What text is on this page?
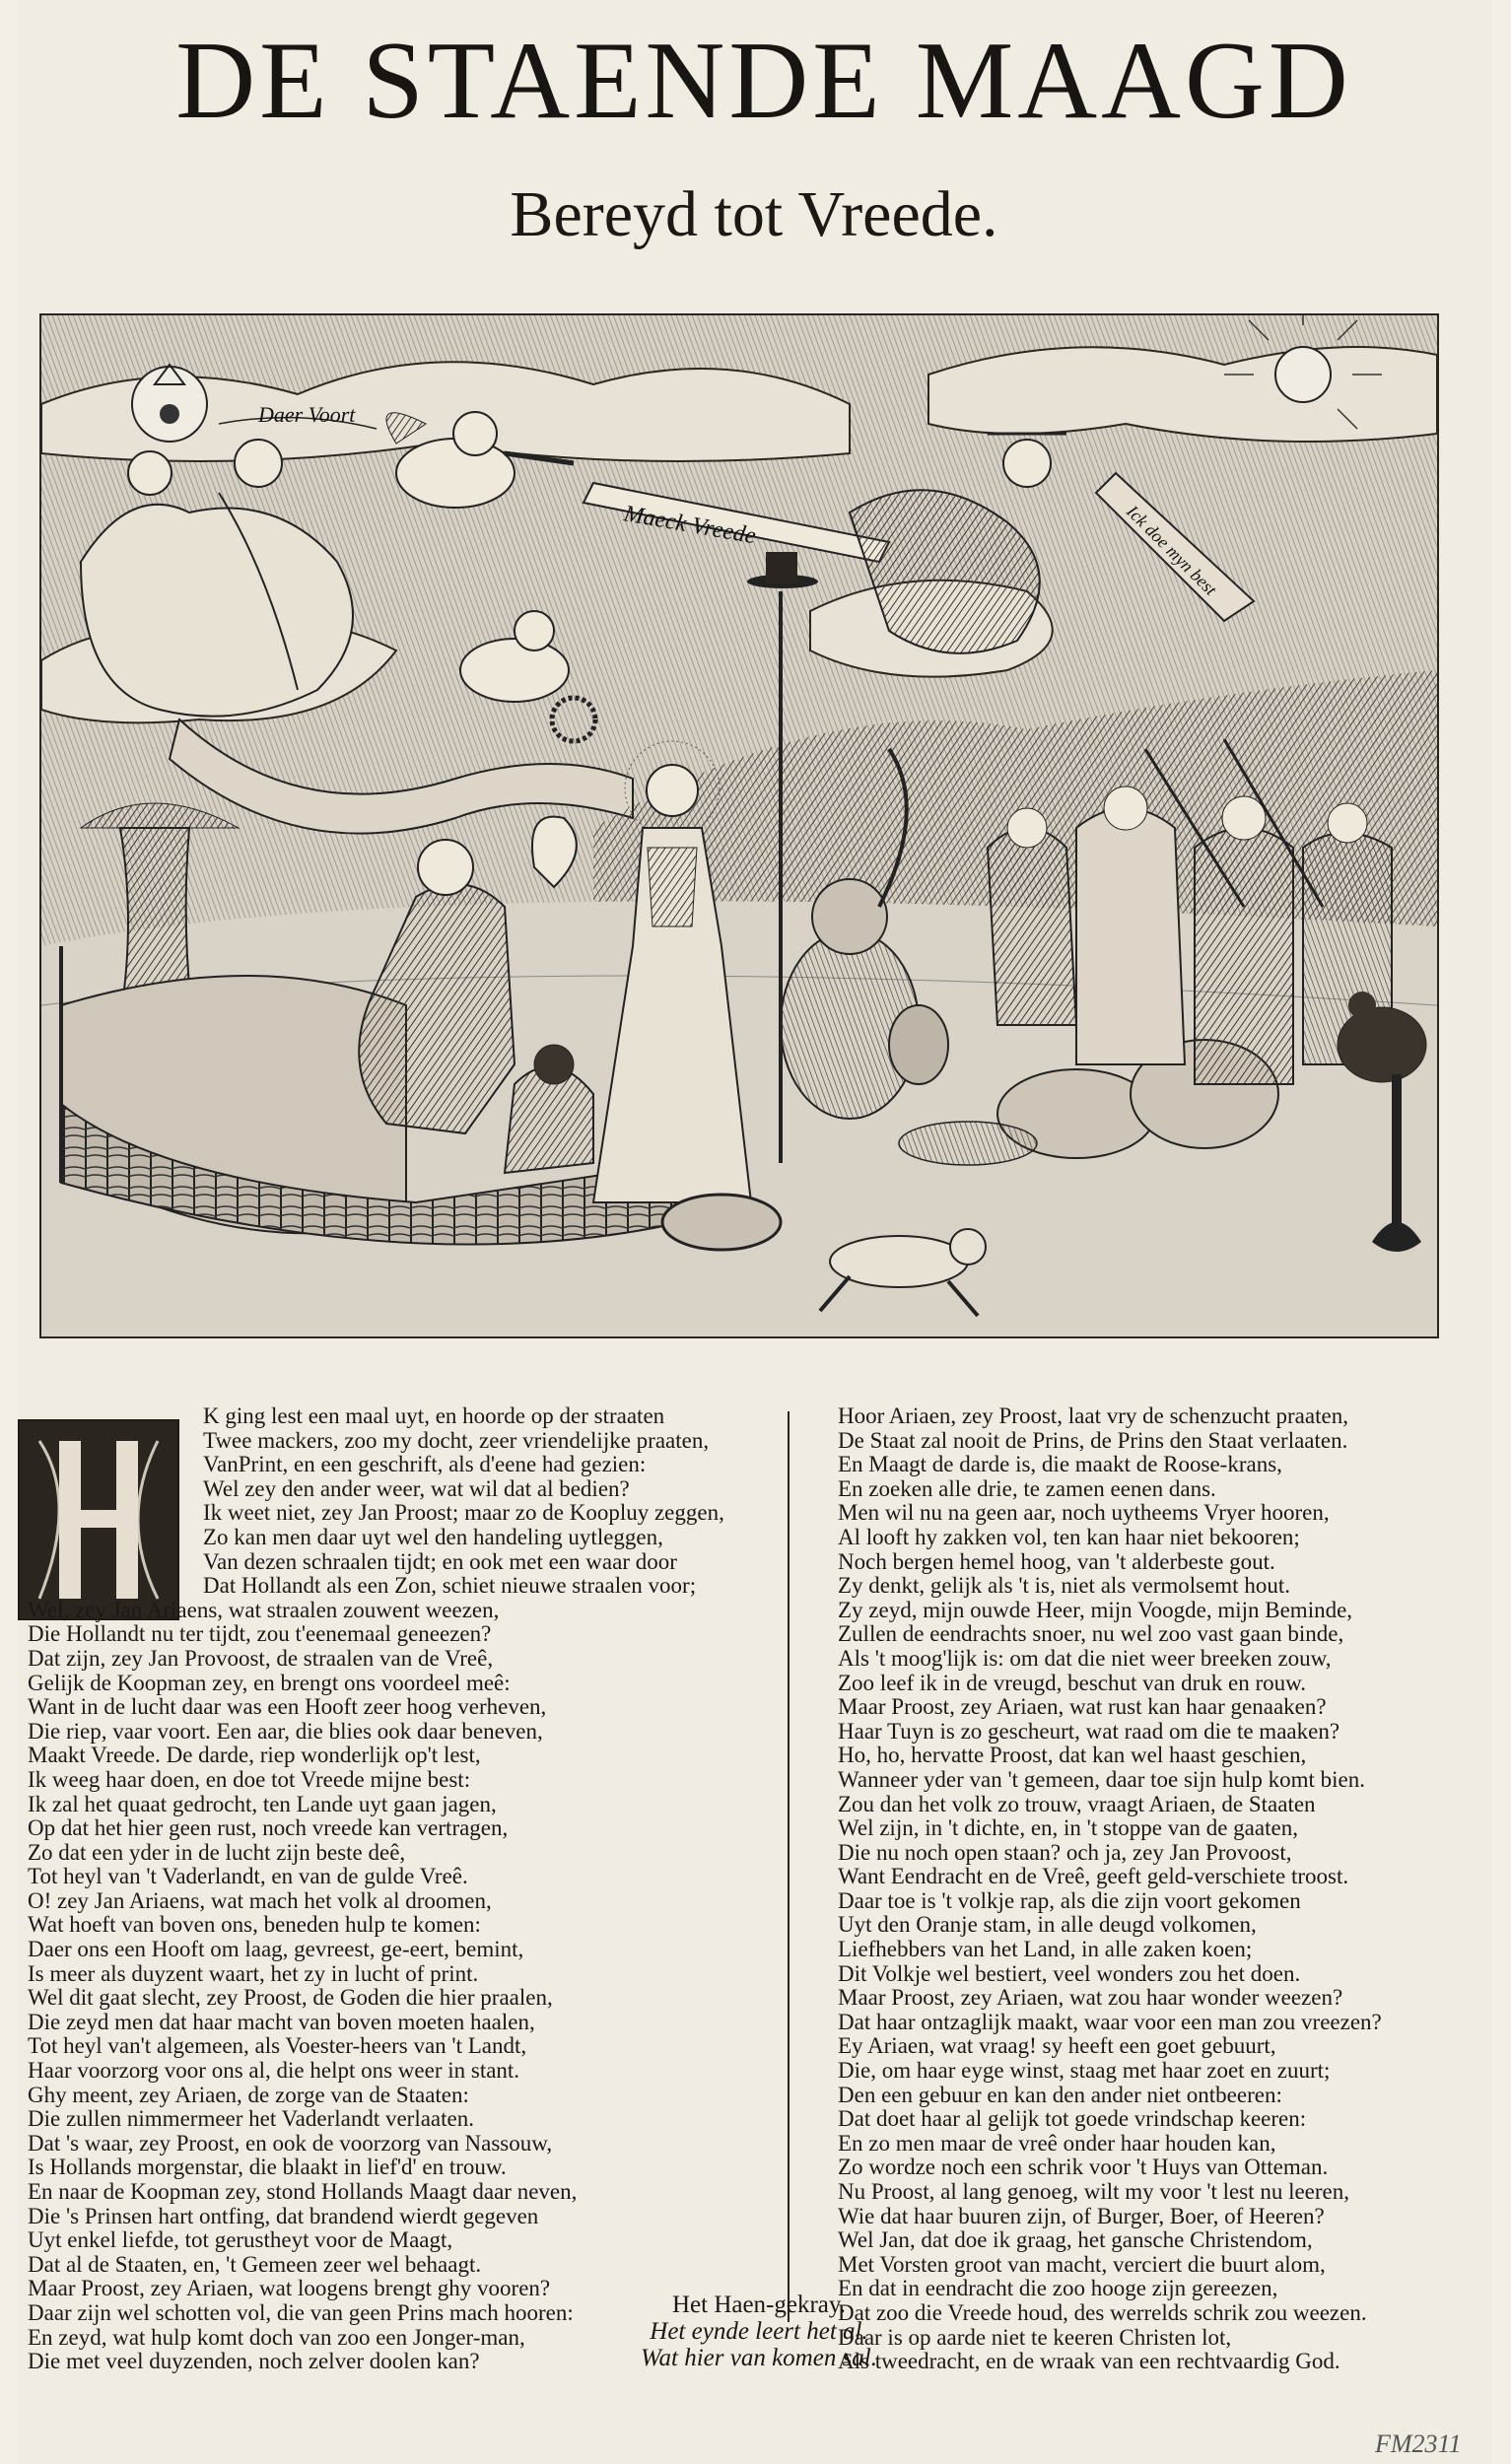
DE STAENDE MAAGD
Bereyd tot Vreede.
Daer Voort
Maeck Vreede	Ick doe myn best
K ging lest een maal uyt, en hoorde op der straaten
Twee mackers, zoo my docht, zeer vriendelijke praaten,
VanPrint, en een geschrift, als d'eene had gezien:
Wel zey den ander weer, wat wil dat al bedien?
Ik weet niet, zey Jan Proost; maar zo de Koopluy zeggen,
Zo kan men daar uyt wel den handeling uytleggen,
Van dezen schraalen tijdt; en ook met een waar door
Dat Hollandt als een Zon, schiet nieuwe straalen voor;
Wel, zey Jan Ariaens, wat straalen zouwent weezen,
Die Hollandt nu ter tijdt, zou t'eenemaal geneezen?
Dat zijn, zey Jan Provoost, de straalen van de Vreê,
Gelijk de Koopman zey, en brengt ons voordeel meê:
Want in de lucht daar was een Hooft zeer hoog verheven,
Die riep, vaar voort. Een aar, die blies ook daar beneven,
Maakt Vreede. De darde, riep wonderlijk op't lest,
Ik weeg haar doen, en doe tot Vreede mijne best:
Ik zal het quaat gedrocht, ten Lande uyt gaan jagen,
Op dat het hier geen rust, noch vreede kan vertragen,
Zo dat een yder in de lucht zijn beste deê,
Tot heyl van 't Vaderlandt, en van de gulde Vreê.
O! zey Jan Ariaens, wat mach het volk al droomen,
Wat hoeft van boven ons, beneden hulp te komen:
Daer ons een Hooft om laag, gevreest, ge-eert, bemint,
Is meer als duyzent waart, het zy in lucht of print.
Wel dit gaat slecht, zey Proost, de Goden die hier praalen,
Die zeyd men dat haar macht van boven moeten haalen,
Tot heyl van't algemeen, als Voester-heers van 't Landt,
Haar voorzorg voor ons al, die helpt ons weer in stant.
Ghy meent, zey Ariaen, de zorge van de Staaten:
Die zullen nimmermeer het Vaderlandt verlaaten.
Dat 's waar, zey Proost, en ook de voorzorg van Nassouw,
Is Hollands morgenstar, die blaakt in lief'd' en trouw.
En naar de Koopman zey, stond Hollands Maagt daar neven,
Die 's Prinsen hart ontfing, dat brandend wierdt gegeven
Uyt enkel liefde, tot gerustheyt voor de Maagt,
Dat al de Staaten, en, 't Gemeen zeer wel behaagt.
Maar Proost, zey Ariaen, wat loogens brengt ghy vooren?
Daar zijn wel schotten vol, die van geen Prins mach hooren:
En zeyd, wat hulp komt doch van zoo een Jonger-man,
Die met veel duyzenden, noch zelver doolen kan?
Hoor Ariaen, zey Proost, laat vry de schenzucht praaten,
De Staat zal nooit de Prins, de Prins den Staat verlaaten.
En Maagt de darde is, die maakt de Roose-krans,
En zoeken alle drie, te zamen eenen dans.
Men wil nu na geen aar, noch uytheems Vryer hooren,
Al looft hy zakken vol, ten kan haar niet bekooren;
Noch bergen hemel hoog, van 't alderbeste gout.
Zy denkt, gelijk als 't is, niet als vermolsemt hout.
Zy zeyd, mijn ouwde Heer, mijn Voogde, mijn Beminde,
Zullen de eendrachts snoer, nu wel zoo vast gaan binde,
Als 't moog'lijk is: om dat die niet weer breeken zouw,
Zoo leef ik in de vreugd, beschut van druk en rouw.
Maar Proost, zey Ariaen, wat rust kan haar genaaken?
Haar Tuyn is zo gescheurt, wat raad om die te maaken?
Ho, ho, hervatte Proost, dat kan wel haast geschien,
Wanneer yder van 't gemeen, daar toe sijn hulp komt bien.
Zou dan het volk zo trouw, vraagt Ariaen, de Staaten
Wel zijn, in 't dichte, en, in 't stoppe van de gaaten,
Die nu noch open staan? och ja, zey Jan Provoost,
Want Eendracht en de Vreê, geeft geld-verschiete troost.
Daar toe is 't volkje rap, als die zijn voort gekomen
Uyt den Oranje stam, in alle deugd volkomen,
Liefhebbers van het Land, in alle zaken koen;
Dit Volkje wel bestiert, veel wonders zou het doen.
Maar Proost, zey Ariaen, wat zou haar wonder weezen?
Dat haar ontzaglijk maakt, waar voor een man zou vreezen?
Ey Ariaen, wat vraag! sy heeft een goet gebuurt,
Die, om haar eyge winst, staag met haar zoet en zuurt;
Den een gebuur en kan den ander niet ontbeeren:
Dat doet haar al gelijk tot goede vrindschap keeren:
En zo men maar de vreê onder haar houden kan,
Zo wordze noch een schrik voor 't Huys van Otteman.
Nu Proost, al lang genoeg, wilt my voor 't lest nu leeren,
Wie dat haar buuren zijn, of Burger, Boer, of Heeren?
Wel Jan, dat doe ik graag, het gansche Christendom,
Met Vorsten groot van macht, verciert die buurt alom,
En dat in eendracht die zoo hooge zijn gereezen,
Dat zoo die Vreede houd, des werrelds schrik zou weezen.
Daar is op aarde niet te keeren Christen lot,
Als tweedracht, en de wraak van een rechtvaardig God.
Het Haen-gekray.
Het eynde leert het al.
Wat hier van komen sal.
FM2311
